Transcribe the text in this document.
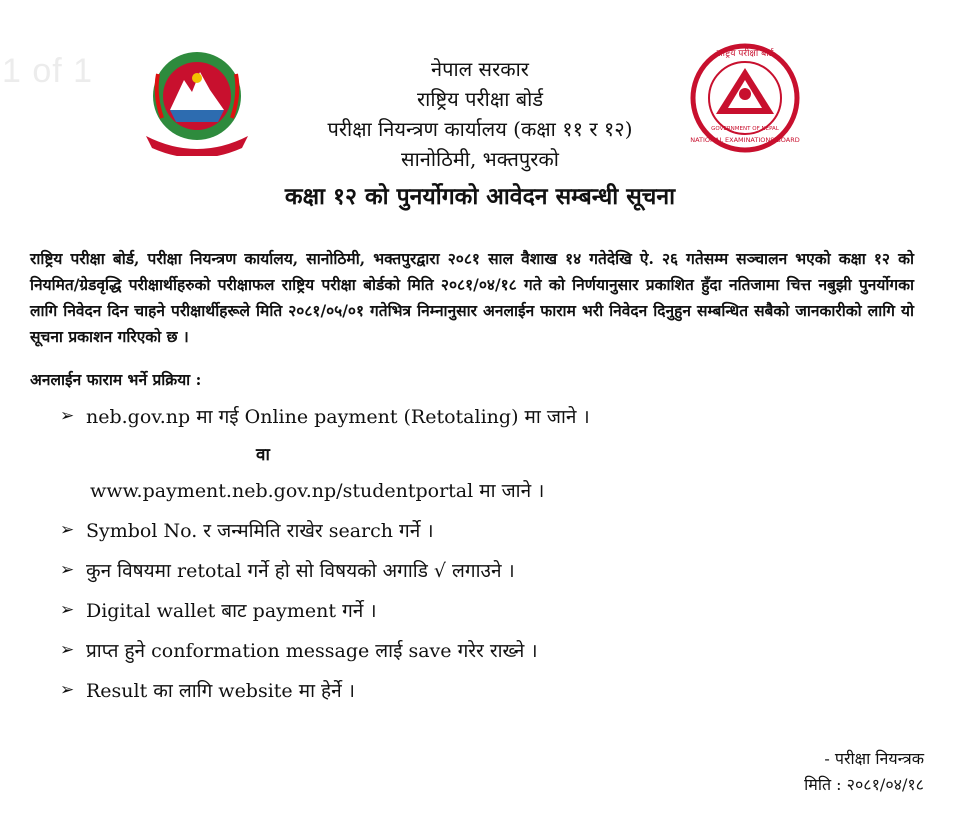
1 of 1	राष्ट्रिय परीक्षा बोर्ड
NATIONAL EXAMINATIONS BOARD
GOVERNMENT OF NEPAL
नेपाल सरकार
राष्ट्रिय परीक्षा बोर्ड
परीक्षा नियन्त्रण कार्यालय (कक्षा ११ र १२)
सानोठिमी, भक्तपुरको
कक्षा १२ को पुनर्योगको आवेदन सम्बन्धी सूचना
राष्ट्रिय परीक्षा बोर्ड, परीक्षा नियन्त्रण कार्यालय, सानोठिमी, भक्तपुरद्वारा २०८१ साल वैशाख १४ गतेदेखि ऐ. २६ गतेसम्म सञ्चालन भएको कक्षा १२ को नियमित/ग्रेडवृद्धि परीक्षार्थीहरुको परीक्षाफल राष्ट्रिय परीक्षा बोर्डको मिति २०८१/०४/१८ गते को निर्णयानुसार प्रकाशित हुँदा नतिजामा चित्त नबुझी पुनर्योगका लागि निवेदन दिन चाहने परीक्षार्थीहरूले मिति २०८१/०५/०१ गतेभित्र निम्नानुसार अनलाईन फाराम भरी निवेदन दिनुहुन सम्बन्धित सबैको जानकारीको लागि यो सूचना प्रकाशन गरिएको छ ।
अनलाईन फाराम भर्ने प्रक्रिया :
➢ neb.gov.np मा गई Online payment (Retotaling) मा जाने ।
वा
www.payment.neb.gov.np/studentportal मा जाने ।
➢ Symbol No. र जन्ममिति राखेर search गर्ने ।
➢ कुन विषयमा retotal गर्ने हो सो विषयको अगाडि √ लगाउने ।
➢ Digital wallet बाट payment गर्ने ।
➢ प्राप्त हुने conformation message लाई save गरेर राख्ने ।
➢ Result का लागि website मा हेर्ने ।
- परीक्षा नियन्त्रक
मिति : २०८१/०४/१८
